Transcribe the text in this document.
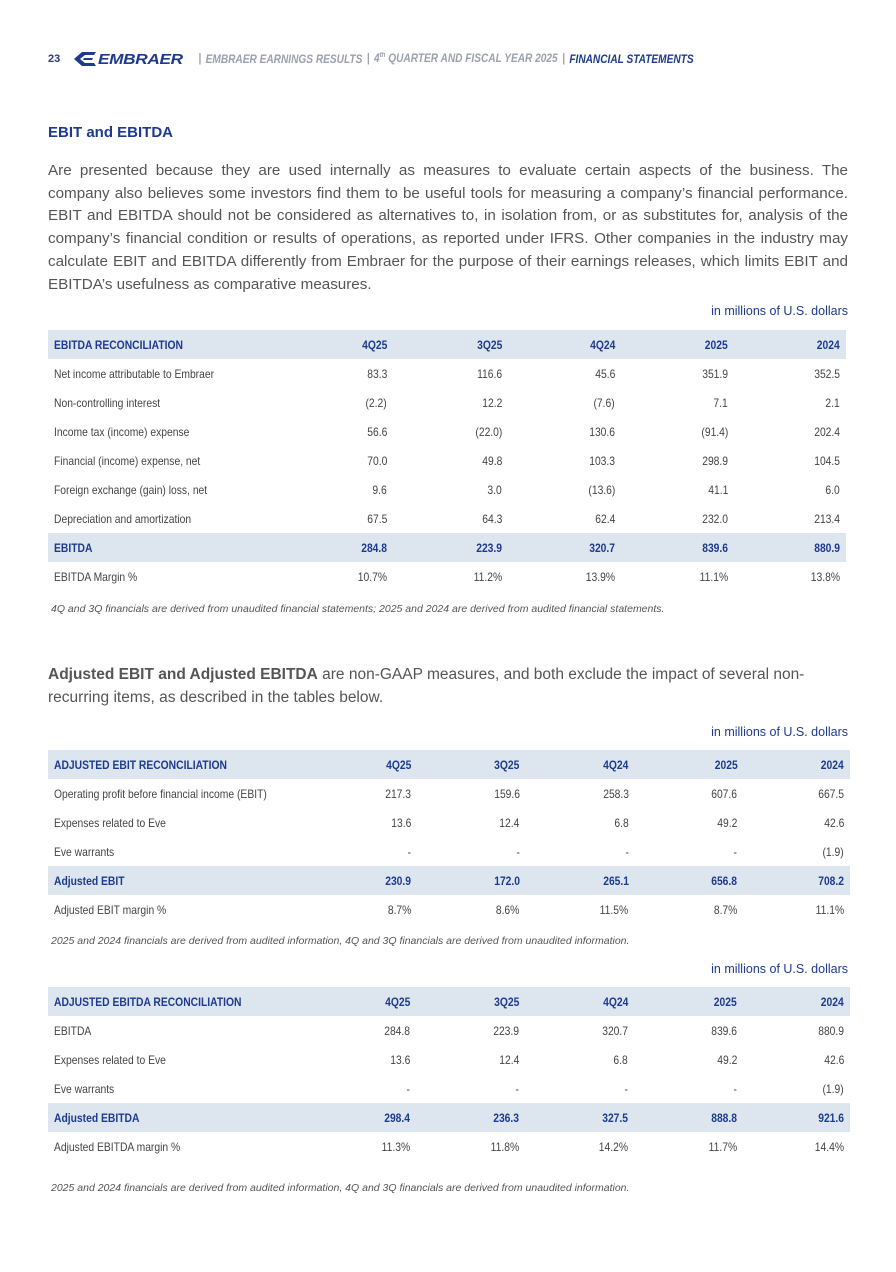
23	EMBRAER	| EMBRAER EARNINGS RESULTS | 4th QUARTER AND FISCAL YEAR 2025 | FINANCIAL STATEMENTS
EBIT and EBITDA

Are presented because they are used internally as measures to evaluate certain aspects of the business. The company also believes some investors find them to be useful tools for measuring a company’s financial performance. EBIT and EBITDA should not be considered as alternatives to, in isolation from, or as substitutes for, analysis of the company’s financial condition or results of operations, as reported under IFRS. Other companies in the industry may calculate EBIT and EBITDA differently from Embraer for the purpose of their earnings releases, which limits EBIT and EBITDA’s usefulness as comparative measures.

in millions of U.S. dollars
EBITDA RECONCILIATION	4Q25	3Q25	4Q24	2025	2024
Net income attributable to Embraer	83.3	116.6	45.6	351.9	352.5
Non-controlling interest	(2.2)	12.2	(7.6)	7.1	2.1
Income tax (income) expense	56.6	(22.0)	130.6	(91.4)	202.4
Financial (income) expense, net	70.0	49.8	103.3	298.9	104.5
Foreign exchange (gain) loss, net	9.6	3.0	(13.6)	41.1	6.0
Depreciation and amortization	67.5	64.3	62.4	232.0	213.4
EBITDA	284.8	223.9	320.7	839.6	880.9
EBITDA Margin %	10.7%	11.2%	13.9%	11.1%	13.8%
4Q and 3Q financials are derived from unaudited financial statements; 2025 and 2024 are derived from audited financial statements.

Adjusted EBIT and Adjusted EBITDA are non-GAAP measures, and both exclude the impact of several non-recurring items, as described in the tables below.

in millions of U.S. dollars
ADJUSTED EBIT RECONCILIATION	4Q25	3Q25	4Q24	2025	2024
Operating profit before financial income (EBIT)	217.3	159.6	258.3	607.6	667.5
Expenses related to Eve	13.6	12.4	6.8	49.2	42.6
Eve warrants	-	-	-	-	(1.9)
Adjusted EBIT	230.9	172.0	265.1	656.8	708.2
Adjusted EBIT margin %	8.7%	8.6%	11.5%	8.7%	11.1%
2025 and 2024 financials are derived from audited information, 4Q and 3Q financials are derived from unaudited information.
in millions of U.S. dollars
ADJUSTED EBITDA RECONCILIATION	4Q25	3Q25	4Q24	2025	2024
EBITDA	284.8	223.9	320.7	839.6	880.9
Expenses related to Eve	13.6	12.4	6.8	49.2	42.6
Eve warrants	-	-	-	-	(1.9)
Adjusted EBITDA	298.4	236.3	327.5	888.8	921.6
Adjusted EBITDA margin %	11.3%	11.8%	14.2%	11.7%	14.4%
2025 and 2024 financials are derived from audited information, 4Q and 3Q financials are derived from unaudited information.
